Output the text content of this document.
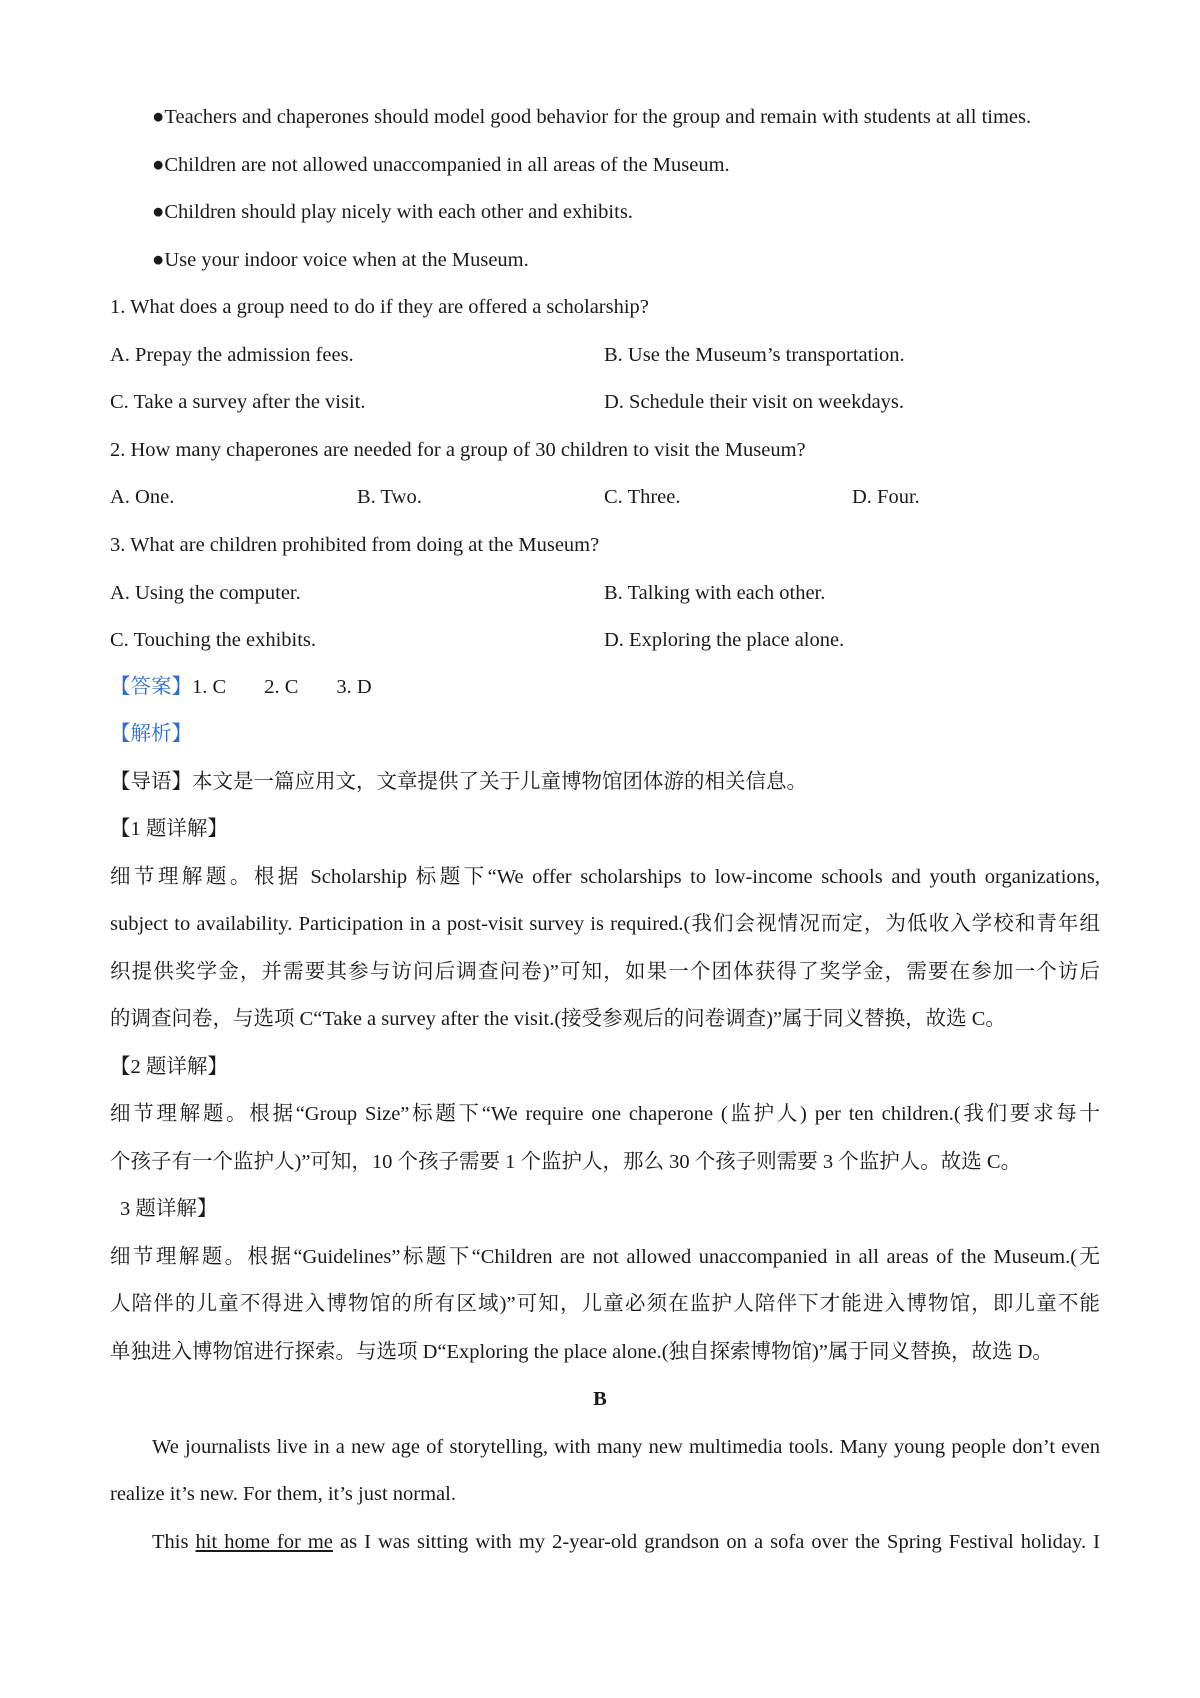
●Teachers and chaperones should model good behavior for the group and remain with students at all times.
●Children are not allowed unaccompanied in all areas of the Museum.
●Children should play nicely with each other and exhibits.
●Use your indoor voice when at the Museum.
1. What does a group need to do if they are offered a scholarship?
A. Prepay the admission fees.	B. Use the Museum’s transportation.
C. Take a survey after the visit.	D. Schedule their visit on weekdays.
2. How many chaperones are needed for a group of 30 children to visit the Museum?
A. One.	B. Two.	C. Three.	D. Four.
3. What are children prohibited from doing at the Museum?
A. Using the computer.	B. Talking with each other.
C. Touching the exhibits.	D. Exploring the place alone.
【答案】1. C 2. C 3. D
【解析】
【导语】本文是一篇应用文，文章提供了关于儿童博物馆团体游的相关信息。
【1 题详解】
细节理解题。根据 Scholarship 标题下“We offer scholarships to low-income schools and youth organizations,
subject to availability. Participation in a post-visit survey is required.(我们会视情况而定，为低收入学校和青年组
织提供奖学金，并需要其参与访问后调查问卷)”可知，如果一个团体获得了奖学金，需要在参加一个访后
的调查问卷，与选项 C“Take a survey after the visit.(接受参观后的问卷调查)”属于同义替换，故选 C。
【2 题详解】
细节理解题。根据“Group Size”标题下“We require one chaperone (监护人) per ten children.(我们要求每十
个孩子有一个监护人)”可知，10 个孩子需要 1 个监护人，那么 30 个孩子则需要 3 个监护人。故选 C。
3 题详解】
细节理解题。根据“Guidelines”标题下“Children are not allowed unaccompanied in all areas of the Museum.(无
人陪伴的儿童不得进入博物馆的所有区域)”可知，儿童必须在监护人陪伴下才能进入博物馆，即儿童不能
单独进入博物馆进行探索。与选项 D“Exploring the place alone.(独自探索博物馆)”属于同义替换，故选 D。
B
We journalists live in a new age of storytelling, with many new multimedia tools. Many young people don’t even
realize it’s new. For them, it’s just normal.
This hit home for me as I was sitting with my 2-year-old grandson on a sofa over the Spring Festival holiday. I
